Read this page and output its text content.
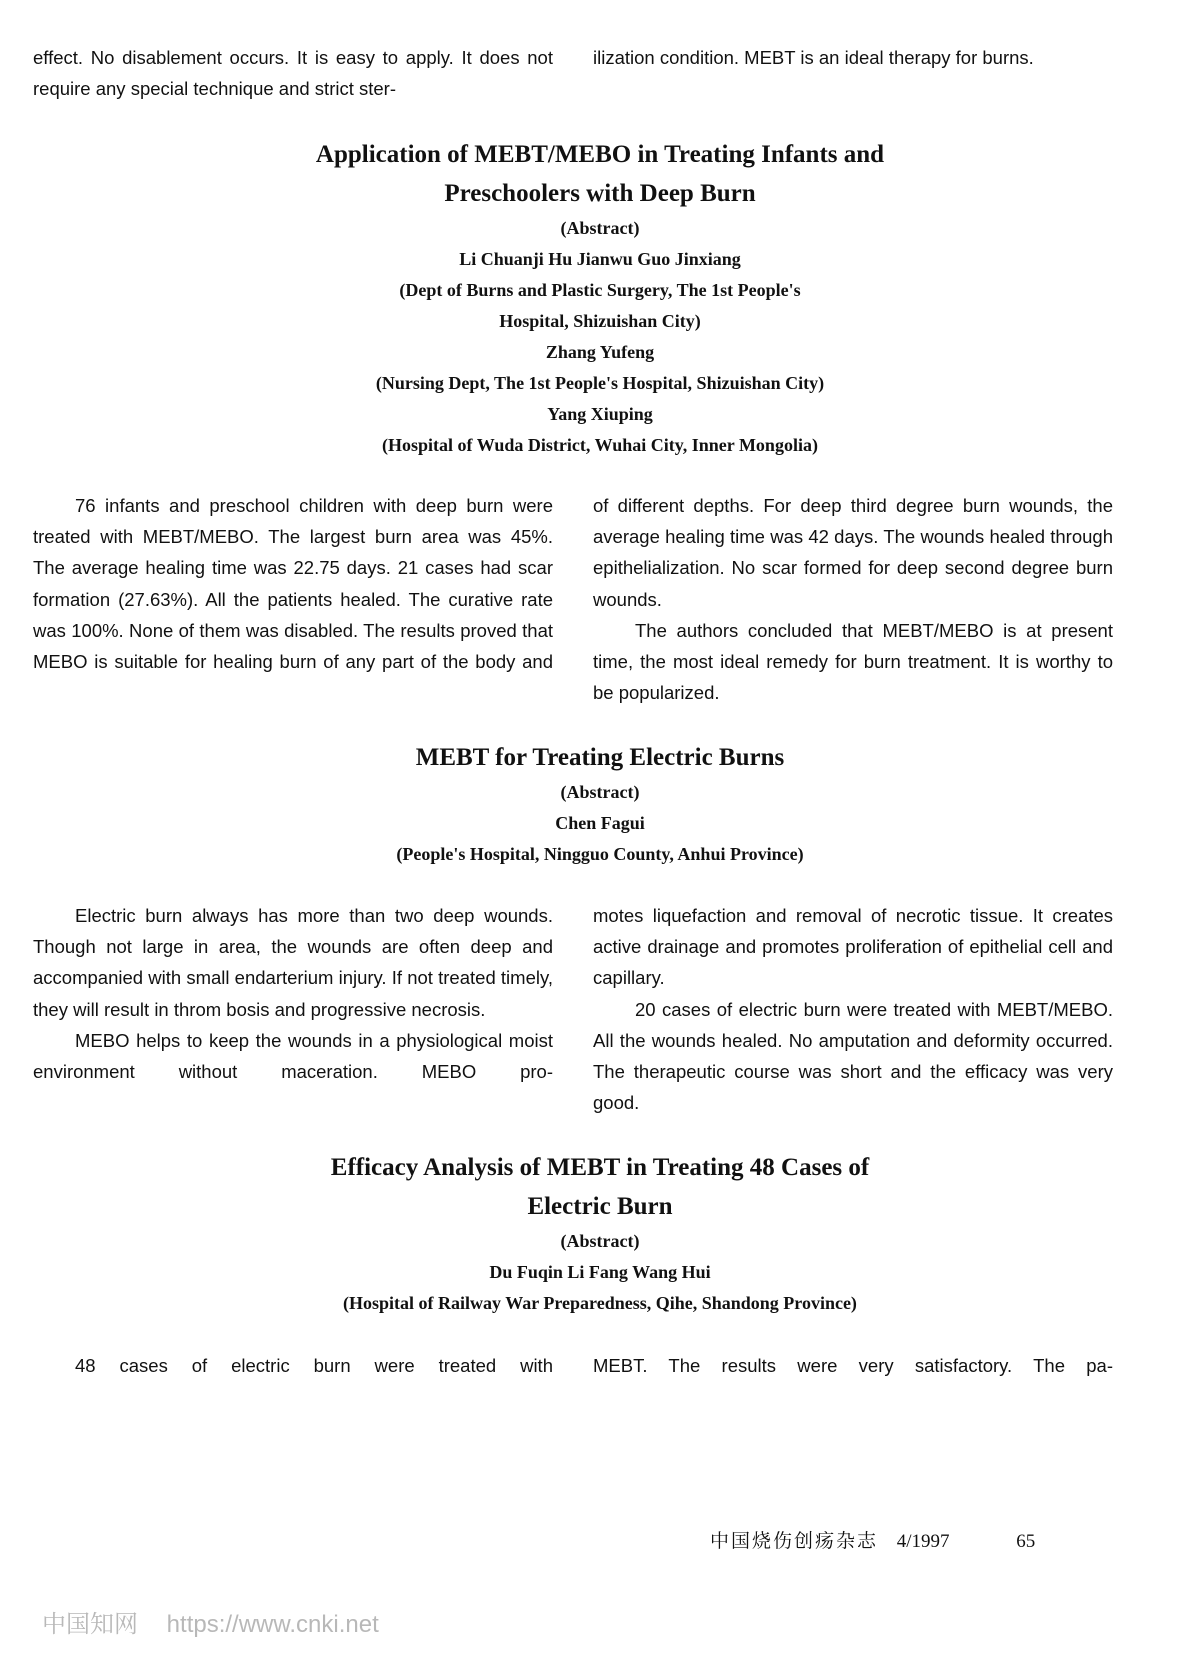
effect. No disablement occurs. It is easy to apply. It does not require any special technique and strict ster-

ilization condition. MEBT is an ideal therapy for burns.

Application of MEBT/MEBO in Treating Infants and
Preschoolers with Deep Burn
(Abstract)
Li Chuanji Hu Jianwu Guo Jinxiang
(Dept of Burns and Plastic Surgery, The 1st People's
Hospital, Shizuishan City)
Zhang Yufeng
(Nursing Dept, The 1st People's Hospital, Shizuishan City)
Yang Xiuping
(Hospital of Wuda District, Wuhai City, Inner Mongolia)

76 infants and preschool children with deep burn were treated with MEBT/MEBO. The largest burn area was 45%. The average healing time was 22.75 days. 21 cases had scar formation (27.63%). All the patients healed. The curative rate was 100%. None of them was disabled. The results proved that MEBO is suitable for healing burn of any part of the body and

of different depths. For deep third degree burn wounds, the average healing time was 42 days. The wounds healed through epithelialization. No scar formed for deep second degree burn wounds.

The authors concluded that MEBT/MEBO is at present time, the most ideal remedy for burn treatment. It is worthy to be popularized.

MEBT for Treating Electric Burns
(Abstract)
Chen Fagui
(People's Hospital, Ningguo County, Anhui Province)

Electric burn always has more than two deep wounds. Though not large in area, the wounds are often deep and accompanied with small endarterium injury. If not treated timely, they will result in throm bosis and progressive necrosis.

MEBO helps to keep the wounds in a physiological moist environment without maceration. MEBO pro-

motes liquefaction and removal of necrotic tissue. It creates active drainage and promotes proliferation of epithelial cell and capillary.

20 cases of electric burn were treated with MEBT/MEBO. All the wounds healed. No amputation and deformity occurred. The therapeutic course was short and the efficacy was very good.

Efficacy Analysis of MEBT in Treating 48 Cases of
Electric Burn
(Abstract)
Du Fuqin Li Fang Wang Hui
(Hospital of Railway War Preparedness, Qihe, Shandong Province)

48 cases of electric burn were treated with MEBT. The results were very satisfactory. The pa-

中国烧伤创疡杂志 4/1997	65
中国知网 https://www.cnki.net
